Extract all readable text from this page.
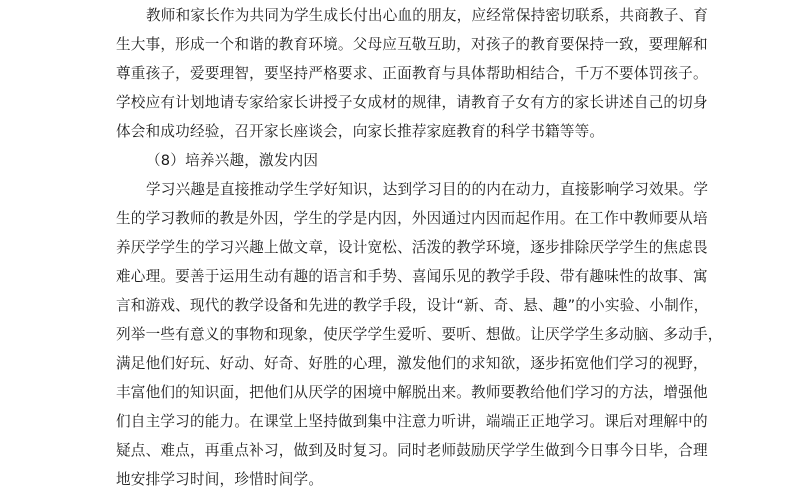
教师和家长作为共同为学生成长付出心血的朋友，应经常保持密切联系，共商教子、育
生大事，形成一个和谐的教育环境。父母应互敬互助，对孩子的教育要保持一致，要理解和
尊重孩子，爱要理智，要坚持严格要求、正面教育与具体帮助相结合，千万不要体罚孩子。
学校应有计划地请专家给家长讲授子女成材的规律，请教育子女有方的家长讲述自己的切身
体会和成功经验，召开家长座谈会，向家长推荐家庭教育的科学书籍等等。
（8）培养兴趣，激发内因
学习兴趣是直接推动学生学好知识，达到学习目的的内在动力，直接影响学习效果。学
生的学习教师的教是外因，学生的学是内因，外因通过内因而起作用。在工作中教师要从培
养厌学学生的学习兴趣上做文章，设计宽松、活泼的教学环境，逐步排除厌学学生的焦虑畏
难心理。要善于运用生动有趣的语言和手势、喜闻乐见的教学手段、带有趣味性的故事、寓
言和游戏、现代的教学设备和先进的教学手段，设计“新、奇、悬、趣”的小实验、小制作，
列举一些有意义的事物和现象，使厌学学生爱听、要听、想做。让厌学学生多动脑、多动手，
满足他们好玩、好动、好奇、好胜的心理，激发他们的求知欲，逐步拓宽他们学习的视野，
丰富他们的知识面，把他们从厌学的困境中解脱出来。教师要教给他们学习的方法，增强他
们自主学习的能力。在课堂上坚持做到集中注意力听讲，端端正正地学习。课后对理解中的
疑点、难点，再重点补习，做到及时复习。同时老师鼓励厌学学生做到今日事今日毕，合理
地安排学习时间，珍惜时间学。
